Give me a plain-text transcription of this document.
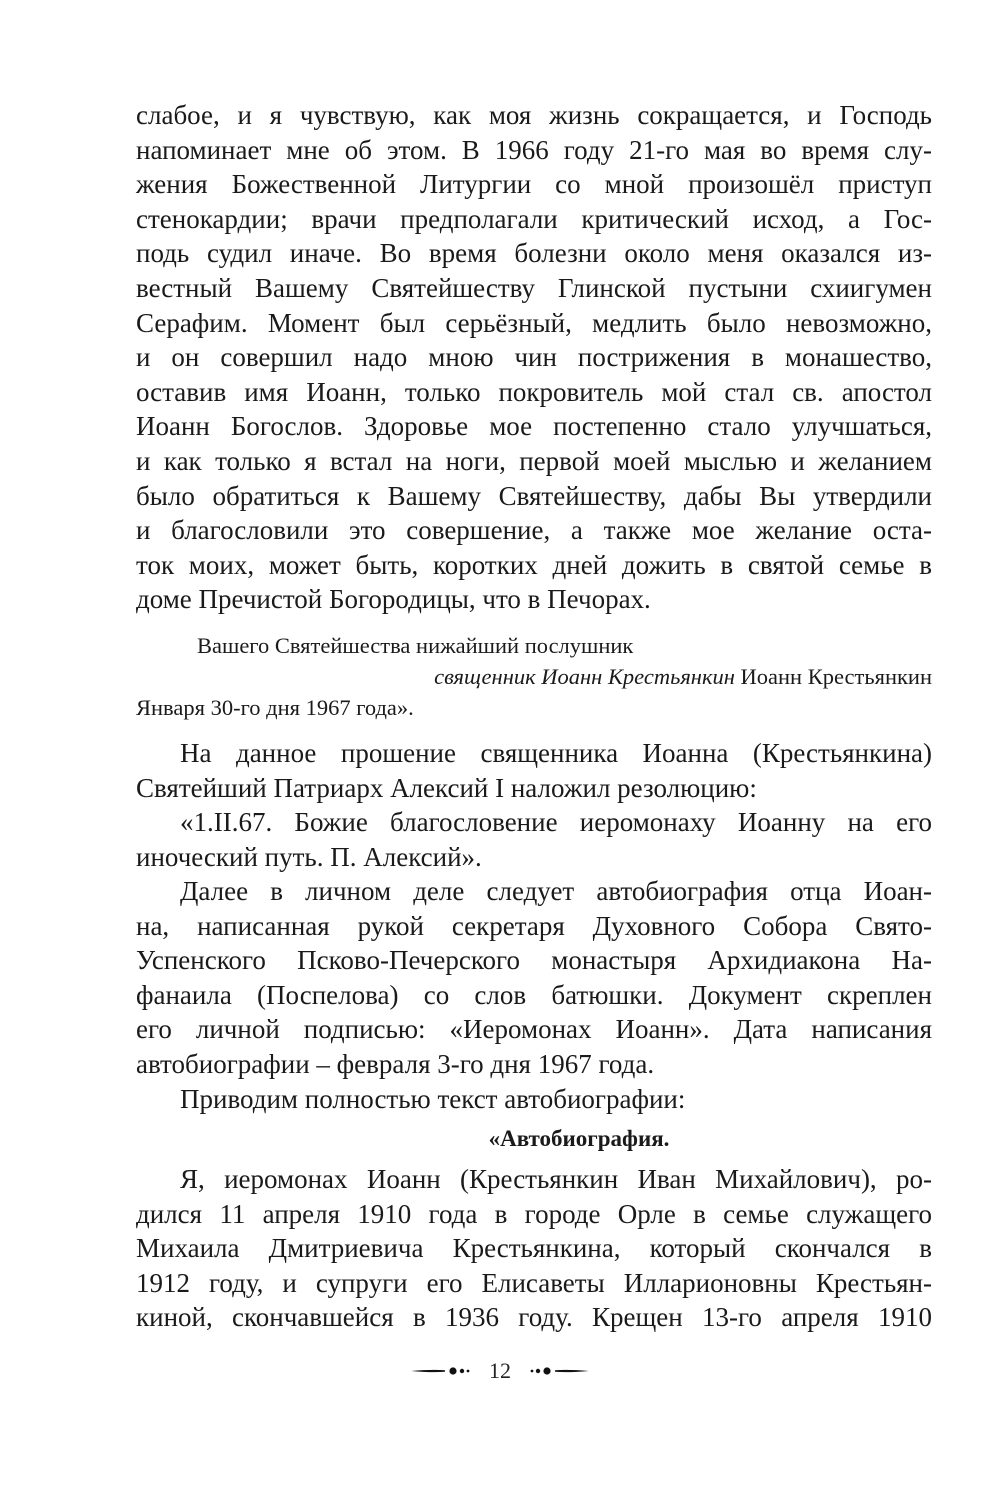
слабое, и я чувствую, как моя жизнь сокращается, и Господь
напоминает мне об этом. В 1966 году 21-го мая во время слу-
жения Божественной Литургии со мной произошёл приступ
стенокардии; врачи предполагали критический исход, а Гос-
подь судил иначе. Во время болезни около меня оказался из-
вестный Вашему Святейшеству Глинской пустыни схиигумен
Серафим. Момент был серьёзный, медлить было невозможно,
и он совершил надо мною чин пострижения в монашество,
оставив имя Иоанн, только покровитель мой стал св. апостол
Иоанн Богослов. Здоровье мое постепенно стало улучшаться,
и как только я встал на ноги, первой моей мыслью и желанием
было обратиться к Вашему Святейшеству, дабы Вы утвердили
и благословили это совершение, а также мое желание оста-
ток моих, может быть, коротких дней дожить в святой семье в
доме Пречистой Богородицы, что в Печорах.
Вашего Святейшества нижайший послушник
священник Иоанн Крестьянкин Иоанн Крестьянкин
Января 30-го дня 1967 года».
На данное прошение священника Иоанна (Крестьянкина)
Святейший Патриарх Алексий I наложил резолюцию:
«1.II.67. Божие благословение иеромонаху Иоанну на его
иноческий путь. П. Алексий».
Далее в личном деле следует автобиография отца Иоан-
на, написанная рукой секретаря Духовного Собора Свято-
Успенского Псково-Печерского монастыря Архидиакона На-
фанаила (Поспелова) со слов батюшки. Документ скреплен
его личной подписью: «Иеромонах Иоанн». Дата написания
автобиографии – февраля 3-го дня 1967 года.
Приводим полностью текст автобиографии:
«Автобиография.
Я, иеромонах Иоанн (Крестьянкин Иван Михайлович), ро-
дился 11 апреля 1910 года в городе Орле в семье служащего
Михаила Дмитриевича Крестьянкина, который скончался в
1912 году, и супруги его Елисаветы Илларионовны Крестьян-
киной, скончавшейся в 1936 году. Крещен 13-го апреля 1910
12
